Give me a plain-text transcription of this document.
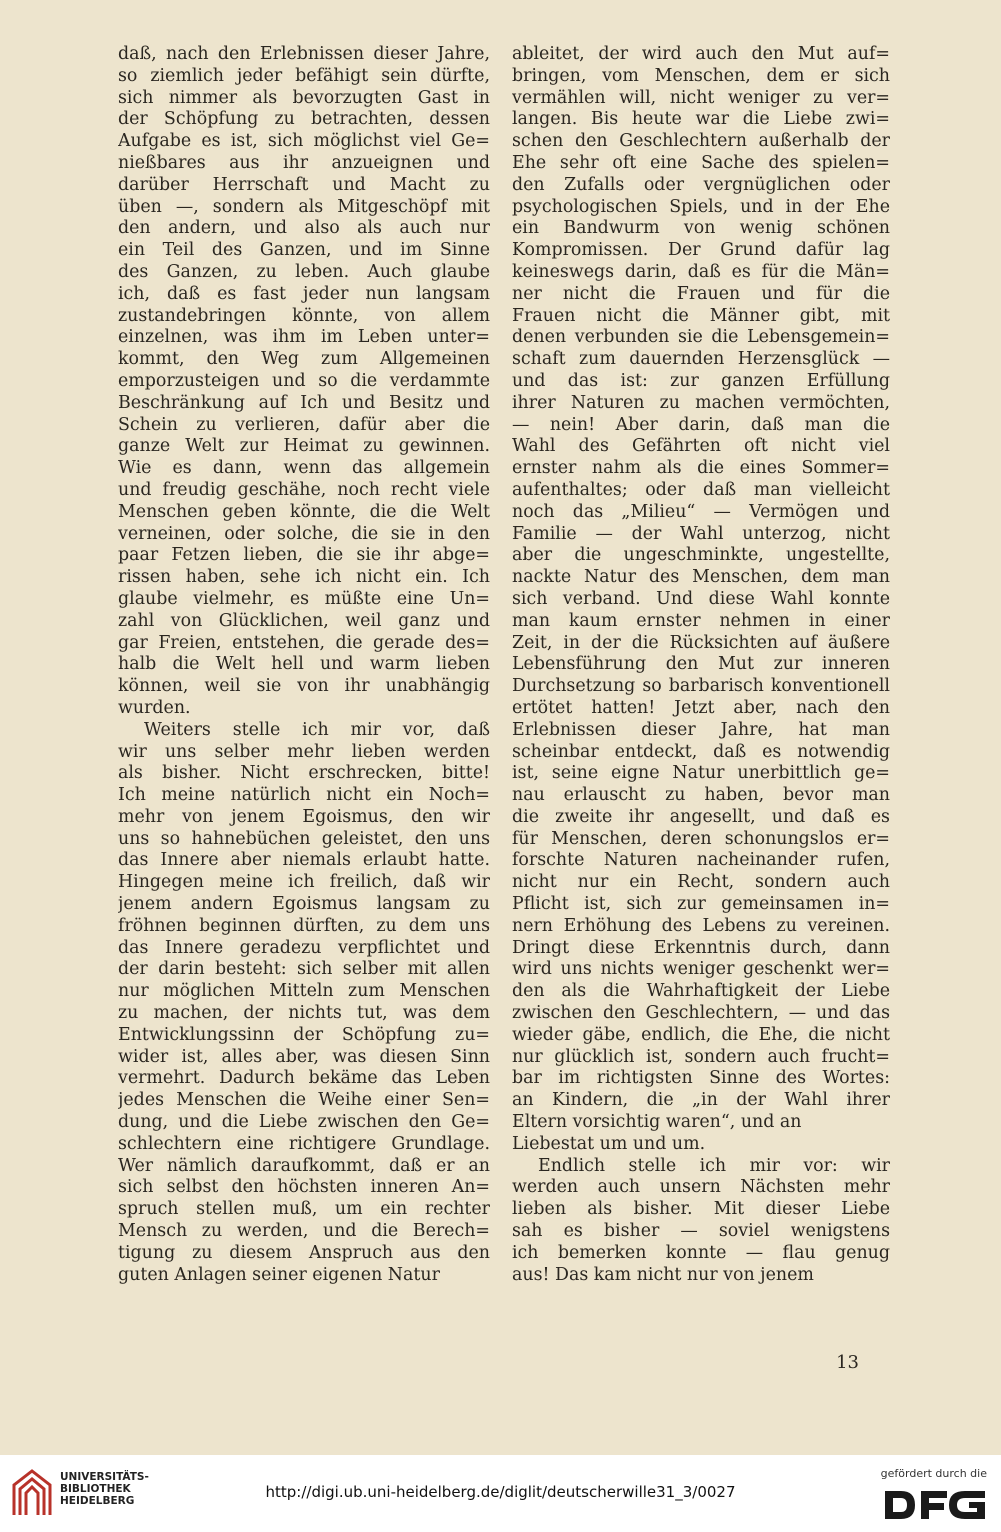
daß, nach den Erlebnissen dieser Jahre,
so ziemlich jeder befähigt sein dürfte,
sich nimmer als bevorzugten Gast in
der Schöpfung zu betrachten, dessen
Aufgabe es ist, sich möglichst viel Ge=
nießbares aus ihr anzueignen und
darüber Herrschaft und Macht zu
üben —, sondern als Mitgeschöpf mit
den andern, und also als auch nur
ein Teil des Ganzen, und im Sinne
des Ganzen, zu leben. Auch glaube
ich, daß es fast jeder nun langsam
zustandebringen könnte, von allem
einzelnen, was ihm im Leben unter=
kommt, den Weg zum Allgemeinen
emporzusteigen und so die verdammte
Beschränkung auf Ich und Besitz und
Schein zu verlieren, dafür aber die
ganze Welt zur Heimat zu gewinnen.
Wie es dann, wenn das allgemein
und freudig geschähe, noch recht viele
Menschen geben könnte, die die Welt
verneinen, oder solche, die sie in den
paar Fetzen lieben, die sie ihr abge=
rissen haben, sehe ich nicht ein. Ich
glaube vielmehr, es müßte eine Un=
zahl von Glücklichen, weil ganz und
gar Freien, entstehen, die gerade des=
halb die Welt hell und warm lieben
können, weil sie von ihr unabhängig
wurden.
Weiters stelle ich mir vor, daß
wir uns selber mehr lieben werden
als bisher. Nicht erschrecken, bitte!
Ich meine natürlich nicht ein Noch=
mehr von jenem Egoismus, den wir
uns so hahnebüchen geleistet, den uns
das Innere aber niemals erlaubt hatte.
Hingegen meine ich freilich, daß wir
jenem andern Egoismus langsam zu
fröhnen beginnen dürften, zu dem uns
das Innere geradezu verpflichtet und
der darin besteht: sich selber mit allen
nur möglichen Mitteln zum Menschen
zu machen, der nichts tut, was dem
Entwicklungssinn der Schöpfung zu=
wider ist, alles aber, was diesen Sinn
vermehrt. Dadurch bekäme das Leben
jedes Menschen die Weihe einer Sen=
dung, und die Liebe zwischen den Ge=
schlechtern eine richtigere Grundlage.
Wer nämlich daraufkommt, daß er an
sich selbst den höchsten inneren An=
spruch stellen muß, um ein rechter
Mensch zu werden, und die Berech=
tigung zu diesem Anspruch aus den
guten Anlagen seiner eigenen Natur
ableitet, der wird auch den Mut auf=
bringen, vom Menschen, dem er sich
vermählen will, nicht weniger zu ver=
langen. Bis heute war die Liebe zwi=
schen den Geschlechtern außerhalb der
Ehe sehr oft eine Sache des spielen=
den Zufalls oder vergnüglichen oder
psychologischen Spiels, und in der Ehe
ein Bandwurm von wenig schönen
Kompromissen. Der Grund dafür lag
keineswegs darin, daß es für die Män=
ner nicht die Frauen und für die
Frauen nicht die Männer gibt, mit
denen verbunden sie die Lebensgemein=
schaft zum dauernden Herzensglück —
und das ist: zur ganzen Erfüllung
ihrer Naturen zu machen vermöchten,
— nein! Aber darin, daß man die
Wahl des Gefährten oft nicht viel
ernster nahm als die eines Sommer=
aufenthaltes; oder daß man vielleicht
noch das „Milieu“ — Vermögen und
Familie — der Wahl unterzog, nicht
aber die ungeschminkte, ungestellte,
nackte Natur des Menschen, dem man
sich verband. Und diese Wahl konnte
man kaum ernster nehmen in einer
Zeit, in der die Rücksichten auf äußere
Lebensführung den Mut zur inneren
Durchsetzung so barbarisch konventionell
ertötet hatten! Jetzt aber, nach den
Erlebnissen dieser Jahre, hat man
scheinbar entdeckt, daß es notwendig
ist, seine eigne Natur unerbittlich ge=
nau erlauscht zu haben, bevor man
die zweite ihr angesellt, und daß es
für Menschen, deren schonungslos er=
forschte Naturen nacheinander rufen,
nicht nur ein Recht, sondern auch
Pflicht ist, sich zur gemeinsamen in=
nern Erhöhung des Lebens zu vereinen.
Dringt diese Erkenntnis durch, dann
wird uns nichts weniger geschenkt wer=
den als die Wahrhaftigkeit der Liebe
zwischen den Geschlechtern, — und das
wieder gäbe, endlich, die Ehe, die nicht
nur glücklich ist, sondern auch frucht=
bar im richtigsten Sinne des Wortes:
an Kindern, die „in der Wahl ihrer
Eltern vorsichtig waren“, und an
Liebestat um und um.
Endlich stelle ich mir vor: wir
werden auch unsern Nächsten mehr
lieben als bisher. Mit dieser Liebe
sah es bisher — soviel wenigstens
ich bemerken konnte — flau genug
aus! Das kam nicht nur von jenem
13
UNIVERSITÄTS-
BIBLIOTHEK
HEIDELBERG	http://digi.ub.uni-heidelberg.de/diglit/deutscherwille31_3/0027
gefördert durch die
